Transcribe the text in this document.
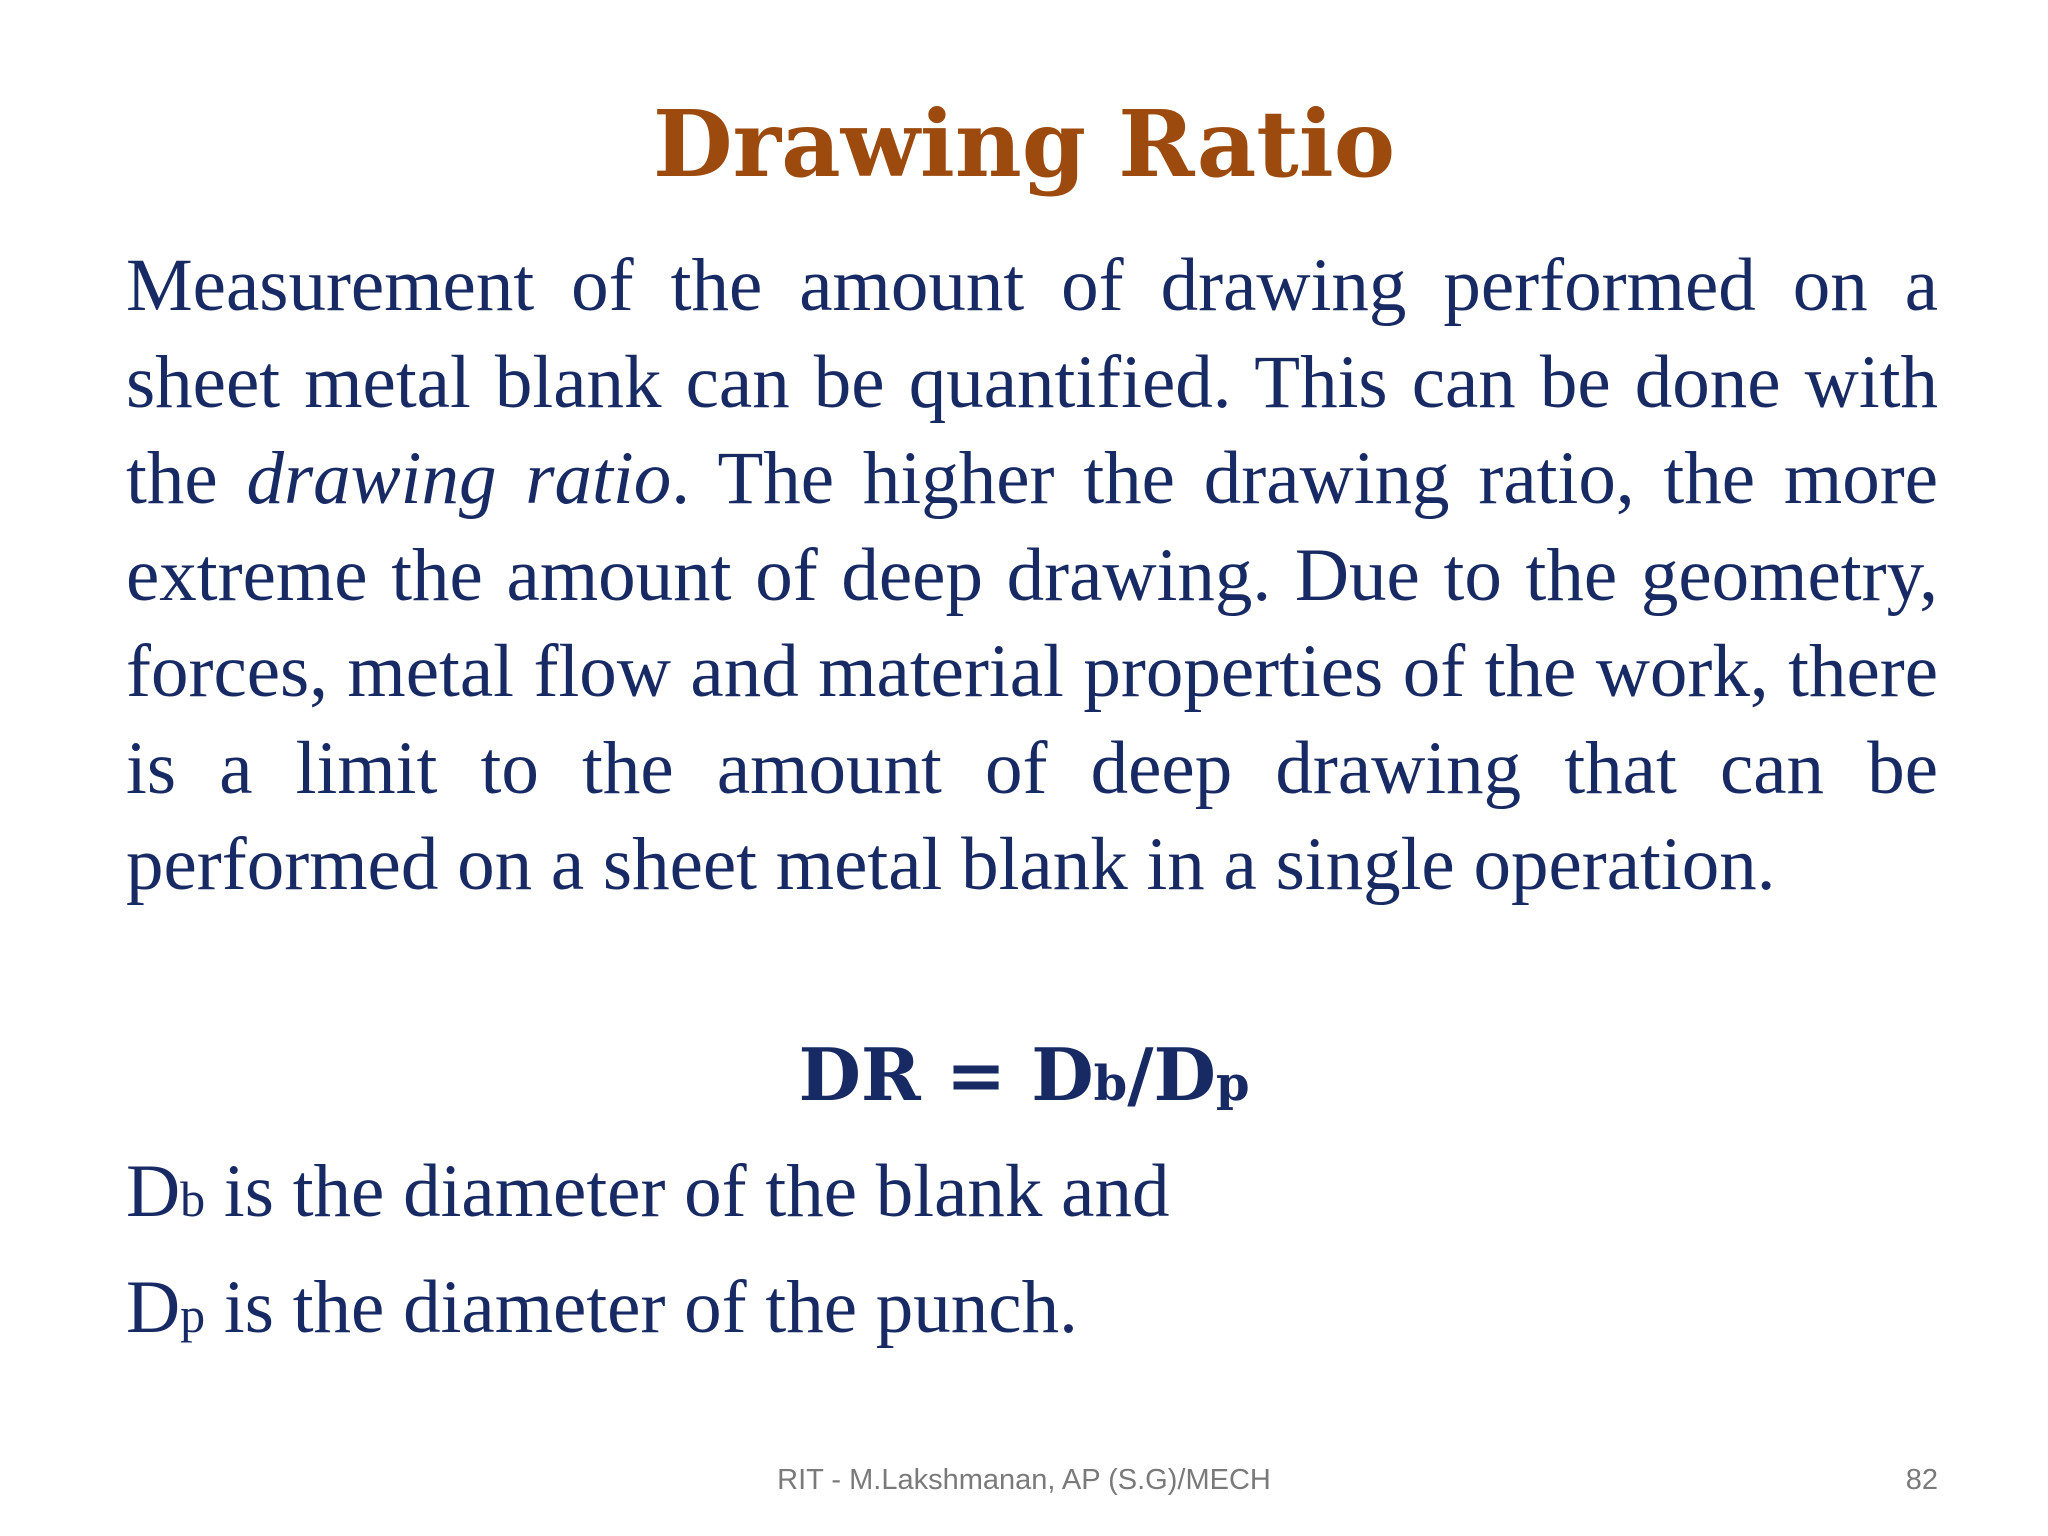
Drawing Ratio

Measurement of the amount of drawing performed on a sheet metal blank can be quantified. This can be done with the drawing ratio. The higher the drawing ratio, the more extreme the amount of deep drawing. Due to the geometry, forces, metal flow and material properties of the work, there is a limit to the amount of deep drawing that can be performed on a sheet metal blank in a single operation.

DR = Db/Dp
Db is the diameter of the blank and
Dp is the diameter of the punch.
RIT - M.Lakshmanan, AP (S.G)/MECH	82
